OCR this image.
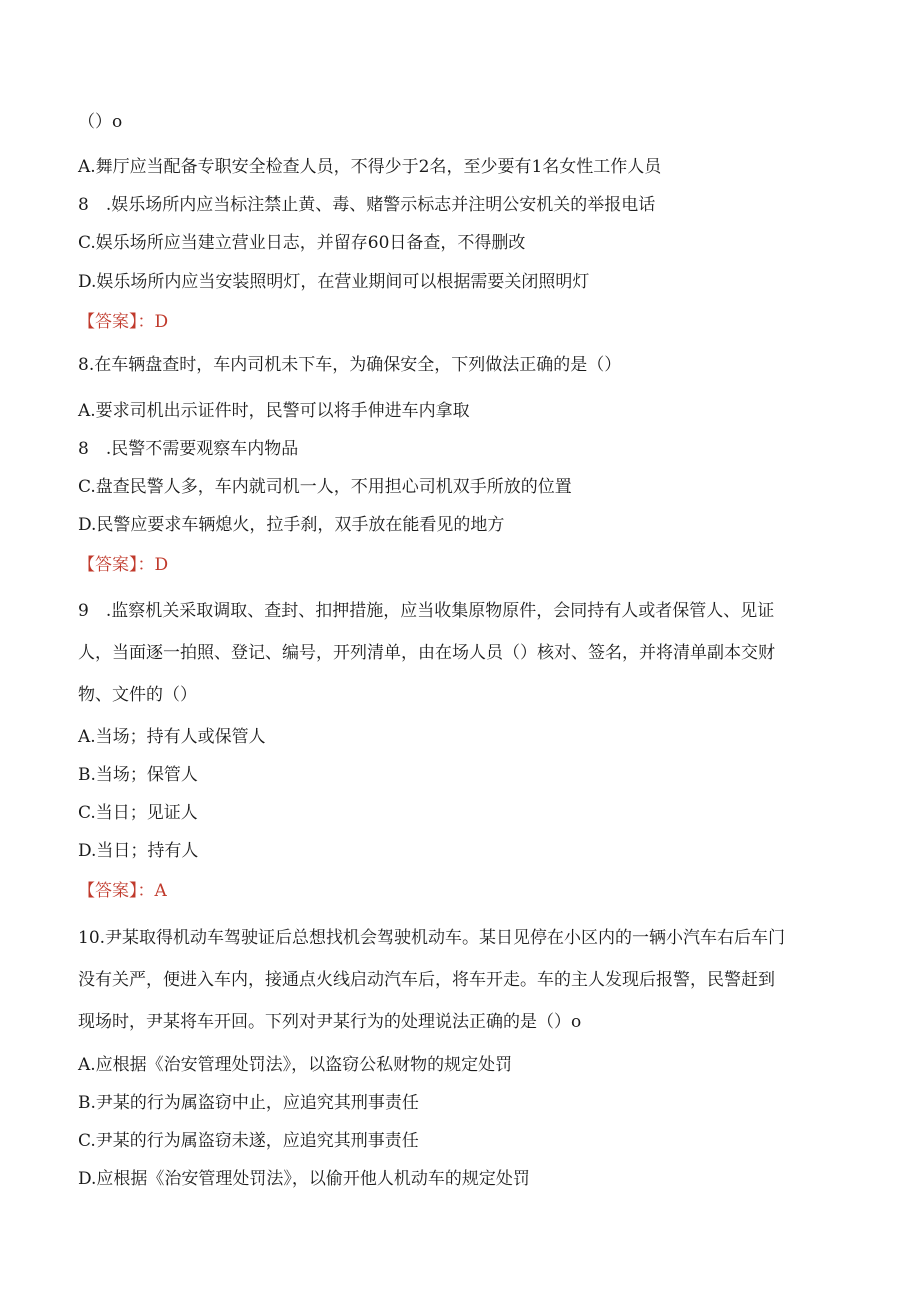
（）o
A.舞厅应当配备专职安全检查人员，不得少于2名，至少要有1名女性工作人员
8　.娱乐场所内应当标注禁止黄、毒、赌警示标志并注明公安机关的举报电话
C.娱乐场所应当建立营业日志，并留存60日备查，不得删改
D.娱乐场所内应当安装照明灯，在营业期间可以根据需要关闭照明灯
【答案】：D
8.在车辆盘查时，车内司机未下车，为确保安全，下列做法正确的是（）
A.要求司机出示证件时，民警可以将手伸进车内拿取
8　.民警不需要观察车内物品
C.盘查民警人多，车内就司机一人，不用担心司机双手所放的位置
D.民警应要求车辆熄火，拉手刹，双手放在能看见的地方
【答案】：D
9　.监察机关采取调取、查封、扣押措施，应当收集原物原件，会同持有人或者保管人、见证
人，当面逐一拍照、登记、编号，开列清单，由在场人员（）核对、签名，并将清单副本交财
物、文件的（）
A.当场；持有人或保管人
B.当场；保管人
C.当日；见证人
D.当日；持有人
【答案】：A
10.尹某取得机动车驾驶证后总想找机会驾驶机动车。某日见停在小区内的一辆小汽车右后车门
没有关严，便进入车内，接通点火线启动汽车后，将车开走。车的主人发现后报警，民警赶到
现场时，尹某将车开回。下列对尹某行为的处理说法正确的是（）o
A.应根据《治安管理处罚法》，以盗窃公私财物的规定处罚
B.尹某的行为属盗窃中止，应追究其刑事责任
C.尹某的行为属盗窃未遂，应追究其刑事责任
D.应根据《治安管理处罚法》，以偷开他人机动车的规定处罚
